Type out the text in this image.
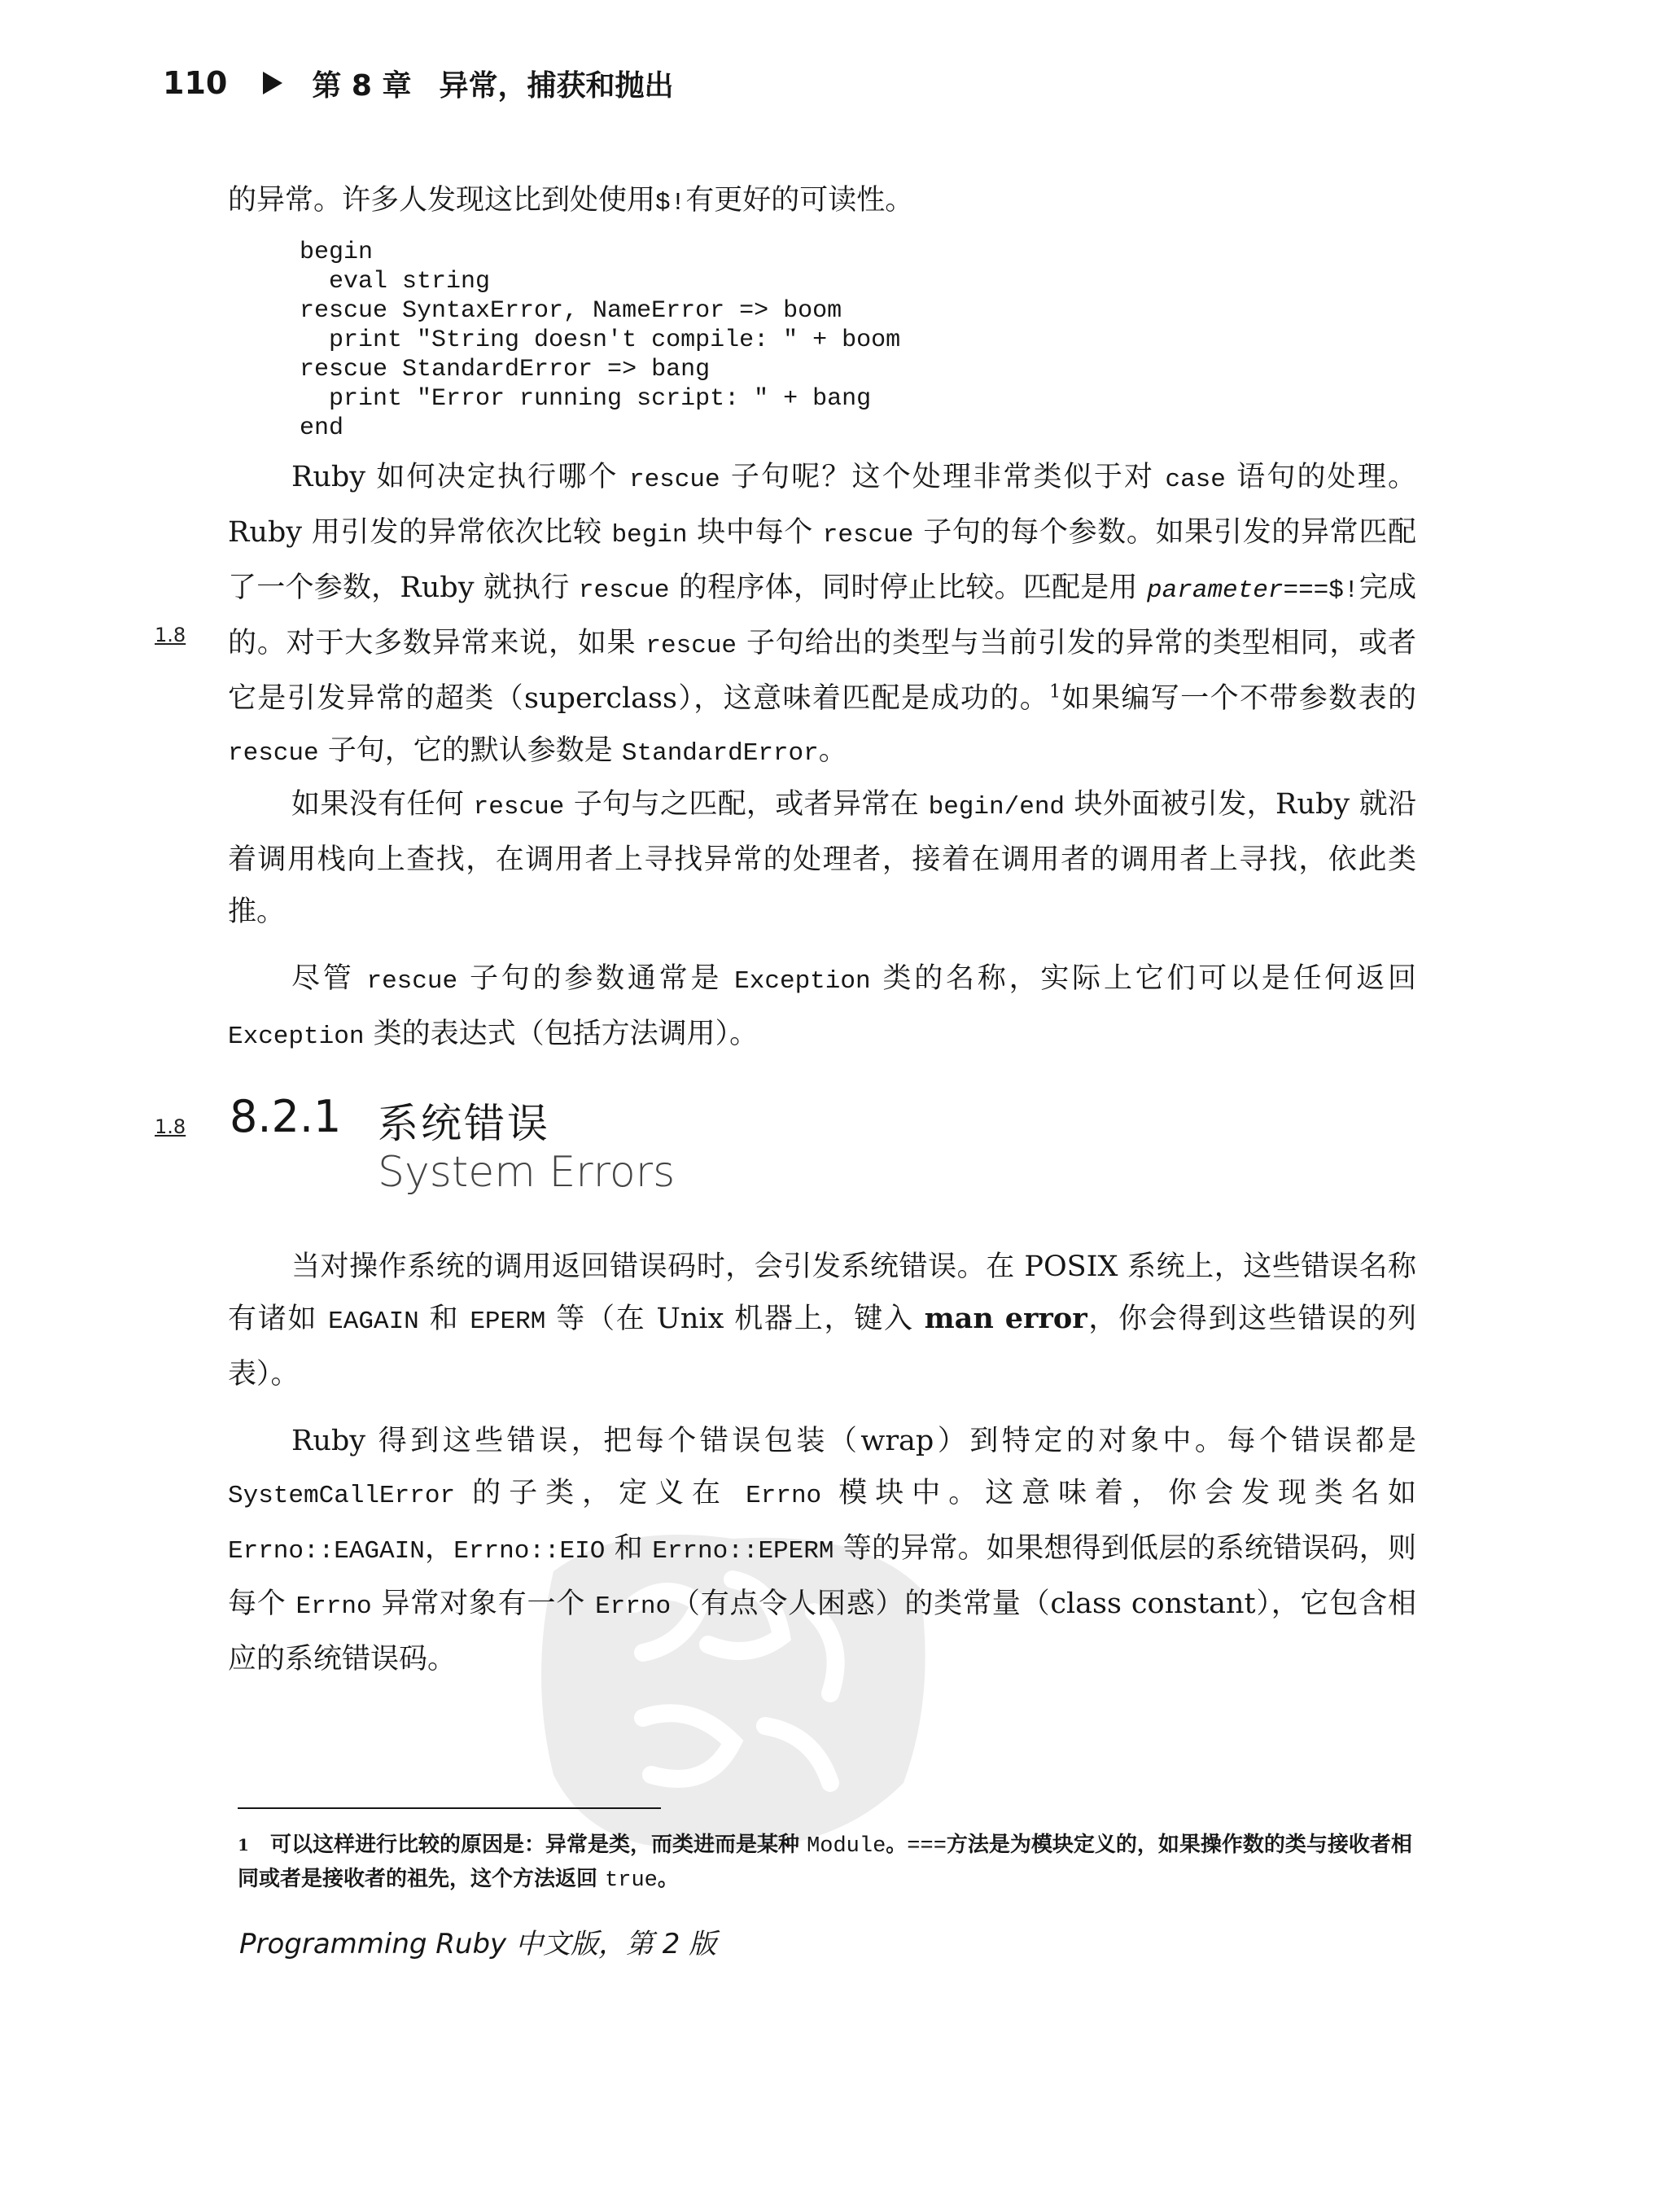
110	第 8 章 异常，捕获和抛出
的异常。许多人发现这比到处使用$!有更好的可读性。
begin
eval string
rescue SyntaxError, NameError => boom
print "String doesn't compile: " + boom
rescue StandardError => bang
print "Error running script: " + bang
end
Ruby 如何决定执行哪个 rescue 子句呢？这个处理非常类似于对 case 语句的处理。Ruby 用引发的异常依次比较 begin 块中每个 rescue 子句的每个参数。如果引发的异常匹配了一个参数，Ruby 就执行 rescue 的程序体，同时停止比较。匹配是用 parameter===$!完成的。对于大多数异常来说，如果 rescue 子句给出的类型与当前引发的异常的类型相同，或者它是引发异常的超类（superclass），这意味着匹配是成功的。$^1$如果编写一个不带参数表的 rescue 子句，它的默认参数是 StandardError。
1.8
如果没有任何 rescue 子句与之匹配，或者异常在 begin/end 块外面被引发，Ruby 就沿着调用栈向上查找，在调用者上寻找异常的处理者，接着在调用者的调用者上寻找，依此类推。
尽管 rescue 子句的参数通常是 Exception 类的名称，实际上它们可以是任何返回 Exception 类的表达式（包括方法调用）。
1.8 8.2.1 系统错误
System Errors
当对操作系统的调用返回错误码时，会引发系统错误。在 POSIX 系统上，这些错误名称有诸如 EAGAIN 和 EPERM 等（在 Unix 机器上，键入 man error，你会得到这些错误的列表）。
Ruby 得到这些错误，把每个错误包装（wrap）到特定的对象中。每个错误都是 SystemCallError 的子类，定义在 Errno 模块中。这意味着，你会发现类名如 Errno::EAGAIN，Errno::EIO 和 Errno::EPERM 等的异常。如果想得到低层的系统错误码，则每个 Errno 异常对象有一个 Errno（有点令人困惑）的类常量（class constant），它包含相应的系统错误码。
1 可以这样进行比较的原因是：异常是类，而类进而是某种 Module。===方法是为模块定义的，如果操作数的类与接收者相同或者是接收者的祖先，这个方法返回 true。
Programming Ruby 中文版，第 2 版
